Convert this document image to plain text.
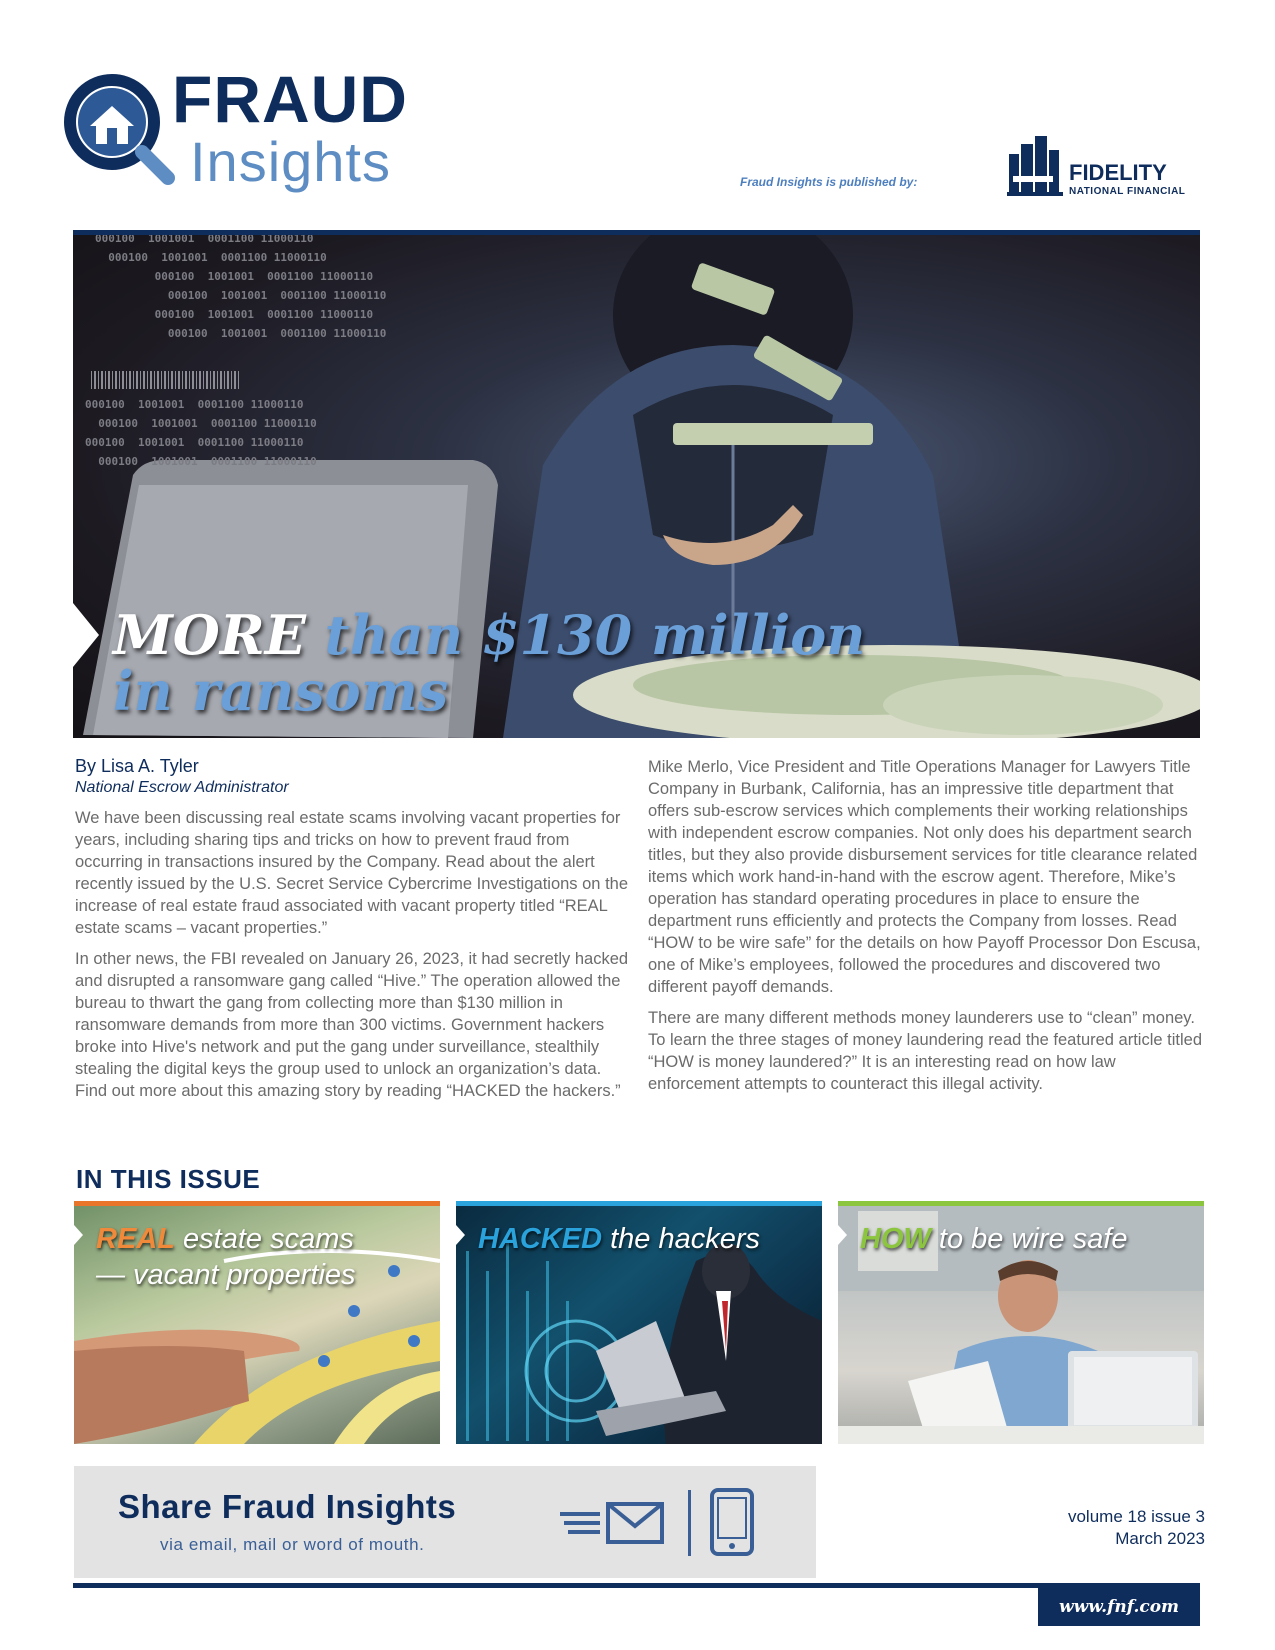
FRAUD
Insights	Fraud Insights is published by:	FIDELITY
NATIONAL FINANCIAL
000100  1001001  0001100 11000110
000100  1001001  0001100 11000110
000100  1001001  0001100 11000110
000100  1001001  0001100 11000110
000100  1001001  0001100 11000110
000100  1001001  0001100 11000110
000100  1001001  0001100 11000110
000100  1001001  0001100 11000110
000100  1001001  0001100 11000110
000100  1001001  0001100 11000110
MORE than $130 million
in ransoms
By Lisa A. Tyler
National Escrow Administrator

We have been discussing real estate scams involving vacant properties for years, including sharing tips and tricks on how to prevent fraud from occurring in transactions insured by the Company. Read about the alert recently issued by the U.S. Secret Service Cybercrime Investigations on the increase of real estate fraud associated with vacant property titled “REAL estate scams – vacant properties.”

In other news, the FBI revealed on January 26, 2023, it had secretly hacked and disrupted a ransomware gang called “Hive.” The operation allowed the bureau to thwart the gang from collecting more than $130 million in ransomware demands from more than 300 victims. Government hackers broke into Hive's network and put the gang under surveillance, stealthily stealing the digital keys the group used to unlock an organization’s data. Find out more about this amazing story by reading “HACKED the hackers.”

Mike Merlo, Vice President and Title Operations Manager for Lawyers Title Company in Burbank, California, has an impressive title department that offers sub-escrow services which complements their working relationships with independent escrow companies. Not only does his department search titles, but they also provide disbursement services for title clearance related items which work hand-in-hand with the escrow agent. Therefore, Mike’s operation has standard operating procedures in place to ensure the department runs efficiently and protects the Company from losses. Read “HOW to be wire safe” for the details on how Payoff Processor Don Escusa, one of Mike’s employees, followed the procedures and discovered two different payoff demands.

There are many different methods money launderers use to “clean” money. To learn the three stages of money laundering read the featured article titled “HOW is money laundered?” It is an interesting read on how law enforcement attempts to counteract this illegal activity.

IN THIS ISSUE
REAL estate scams
— vacant properties
HACKED the hackers	HOW to be wire safe
Share Fraud Insights
via email, mail or word of mouth.
volume 18 issue 3
March 2023
www.fnf.com
